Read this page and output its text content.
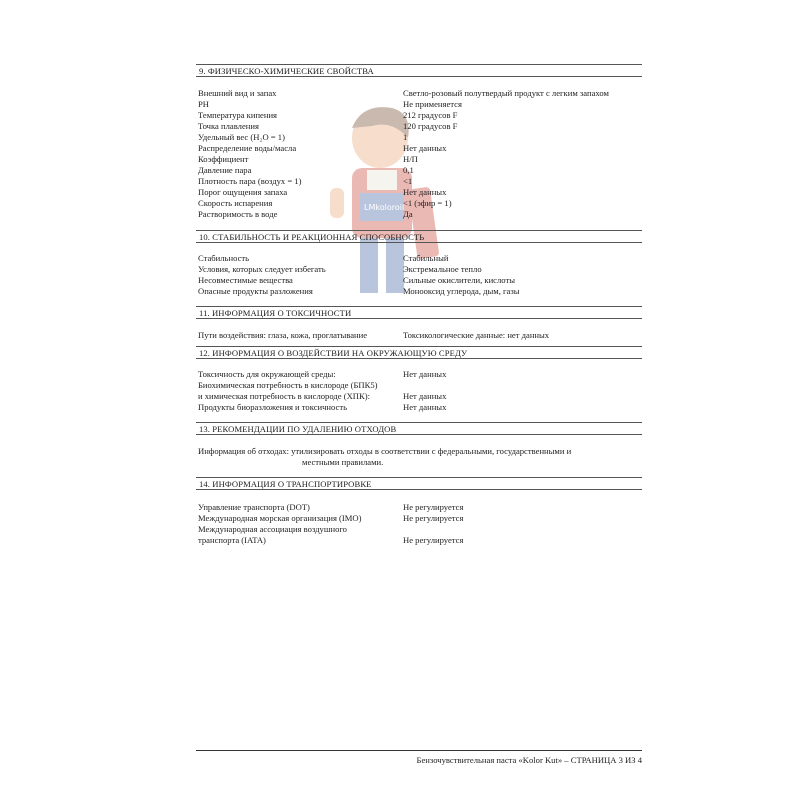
LMkoloroil
9. ФИЗИЧЕСКО-ХИМИЧЕСКИЕ СВОЙСТВА
Внешний вид и запах	Светло-розовый полутвердый продукт с легким запахом
PH	Не применяется
Температура кипения	212 градусов F
Точка плавления	120 градусов F
Удельный вес (H₂O = 1)	1
Распределение воды/масла	Нет данных
Коэффициент	Н/П
Давление пара	0,1
Плотность пара (воздух = 1)	<1
Порог ощущения запаха	Нет данных
Скорость испарения	<1 (эфир = 1)
Растворимость в воде	Да
10. СТАБИЛЬНОСТЬ И РЕАКЦИОННАЯ СПОСОБНОСТЬ
Стабильность	Стабильный
Условия, которых следует избегать	Экстремальное тепло
Несовместимые вещества	Сильные окислители, кислоты
Опасные продукты разложения	Монооксид углерода, дым, газы
11. ИНФОРМАЦИЯ О ТОКСИЧНОСТИ
Пути воздействия: глаза, кожа, проглатывание	Токсикологические данные: нет данных
12. ИНФОРМАЦИЯ О ВОЗДЕЙСТВИИ НА ОКРУЖАЮЩУЮ СРЕДУ
Токсичность для окружающей среды:	Нет данных
Биохимическая потребность в кислороде (БПК5)
и химическая потребность в кислороде (ХПК):	Нет данных
Продукты биоразложения и токсичность	Нет данных
13. РЕКОМЕНДАЦИИ ПО УДАЛЕНИЮ ОТХОДОВ
Информация об отходах: утилизировать отходы в соответствии с федеральными, государственными и
местными правилами.
14. ИНФОРМАЦИЯ О ТРАНСПОРТИРОВКЕ
Управление транспорта (DOT)	Не регулируется
Международная морская организация (IMO)	Не регулируется
Международная ассоциация воздушного
транспорта (IATA)	Не регулируется
Бензочувствительная паста «Kolor Kut» – СТРАНИЦА 3 ИЗ 4
